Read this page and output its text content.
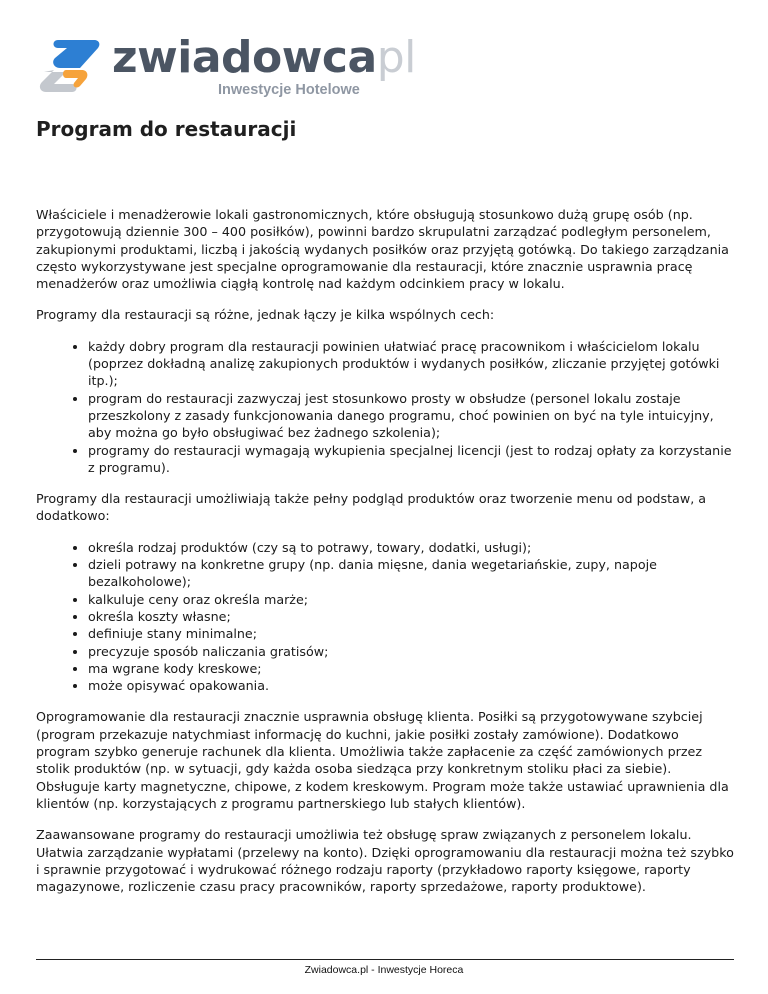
zwiadowcapl
Inwestycje Hotelowe
Program do restauracji

Właściciele i menadżerowie lokali gastronomicznych, które obsługują stosunkowo dużą grupę osób (np. przygotowują dziennie 300 – 400 posiłków), powinni bardzo skrupulatni zarządzać podległym personelem, zakupionymi produktami, liczbą i jakością wydanych posiłków oraz przyjętą gotówką. Do takiego zarządzania często wykorzystywane jest specjalne oprogramowanie dla restauracji, które znacznie usprawnia pracę menadżerów oraz umożliwia ciągłą kontrolę nad każdym odcinkiem pracy w lokalu.

Programy dla restauracji są różne, jednak łączy je kilka wspólnych cech:

• każdy dobry program dla restauracji powinien ułatwiać pracę pracownikom i właścicielom lokalu (poprzez dokładną analizę zakupionych produktów i wydanych posiłków, zliczanie przyjętej gotówki itp.);
• program do restauracji zazwyczaj jest stosunkowo prosty w obsłudze (personel lokalu zostaje przeszkolony z zasady funkcjonowania danego programu, choć powinien on być na tyle intuicyjny, aby można go było obsługiwać bez żadnego szkolenia);
• programy do restauracji wymagają wykupienia specjalnej licencji (jest to rodzaj opłaty za korzystanie z programu).

Programy dla restauracji umożliwiają także pełny podgląd produktów oraz tworzenie menu od podstaw, a dodatkowo:

• określa rodzaj produktów (czy są to potrawy, towary, dodatki, usługi);
• dzieli potrawy na konkretne grupy (np. dania mięsne, dania wegetariańskie, zupy, napoje bezalkoholowe);
• kalkuluje ceny oraz określa marże;
• określa koszty własne;
• definiuje stany minimalne;
• precyzuje sposób naliczania gratisów;
• ma wgrane kody kreskowe;
• może opisywać opakowania.

Oprogramowanie dla restauracji znacznie usprawnia obsługę klienta. Posiłki są przygotowywane szybciej (program przekazuje natychmiast informację do kuchni, jakie posiłki zostały zamówione). Dodatkowo program szybko generuje rachunek dla klienta. Umożliwia także zapłacenie za część zamówionych przez stolik produktów (np. w sytuacji, gdy każda osoba siedząca przy konkretnym stoliku płaci za siebie). Obsługuje karty magnetyczne, chipowe, z kodem kreskowym. Program może także ustawiać uprawnienia dla klientów (np. korzystających z programu partnerskiego lub stałych klientów).

Zaawansowane programy do restauracji umożliwia też obsługę spraw związanych z personelem lokalu. Ułatwia zarządzanie wypłatami (przelewy na konto). Dzięki oprogramowaniu dla restauracji można też szybko i sprawnie przygotować i wydrukować różnego rodzaju raporty (przykładowo raporty księgowe, raporty magazynowe, rozliczenie czasu pracy pracowników, raporty sprzedażowe, raporty produktowe).

Zwiadowca.pl - Inwestycje Horeca
